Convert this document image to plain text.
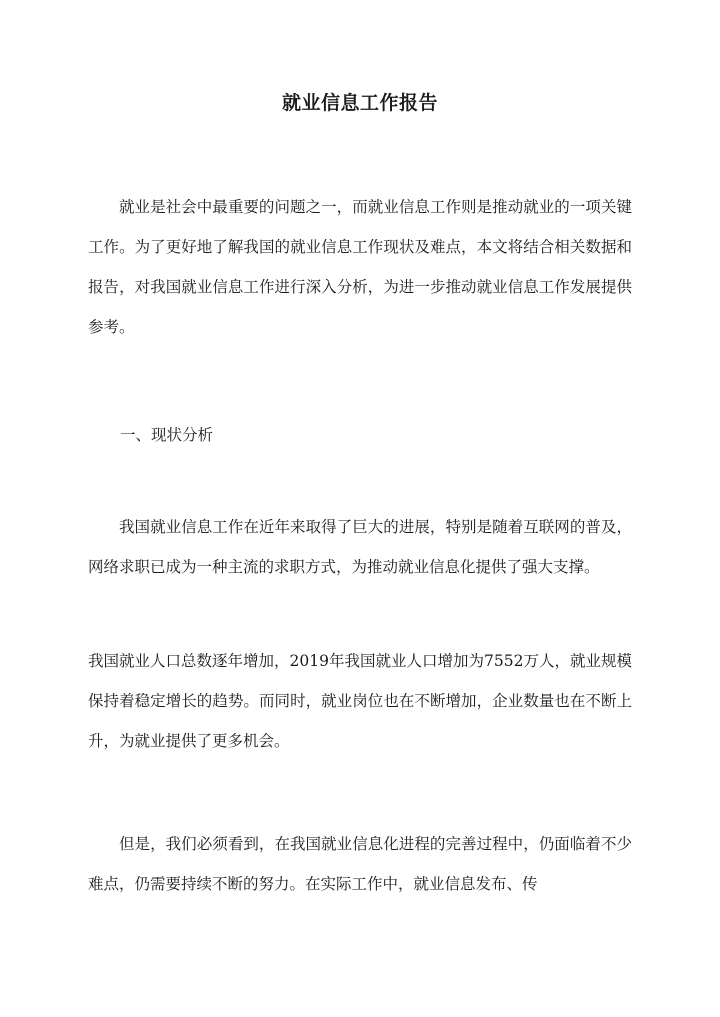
就业信息工作报告

就业是社会中最重要的问题之一，而就业信息工作则是推动就业的一项关键工作。为了更好地了解我国的就业信息工作现状及难点，本文将结合相关数据和报告，对我国就业信息工作进行深入分析，为进一步推动就业信息工作发展提供参考。

一、现状分析

我国就业信息工作在近年来取得了巨大的进展，特别是随着互联网的普及，网络求职已成为一种主流的求职方式，为推动就业信息化提供了强大支撑。

我国就业人口总数逐年增加，2019年我国就业人口增加为7552万人，就业规模保持着稳定增长的趋势。而同时，就业岗位也在不断增加，企业数量也在不断上升，为就业提供了更多机会。

但是，我们必须看到，在我国就业信息化进程的完善过程中，仍面临着不少难点，仍需要持续不断的努力。在实际工作中，就业信息发布、传
